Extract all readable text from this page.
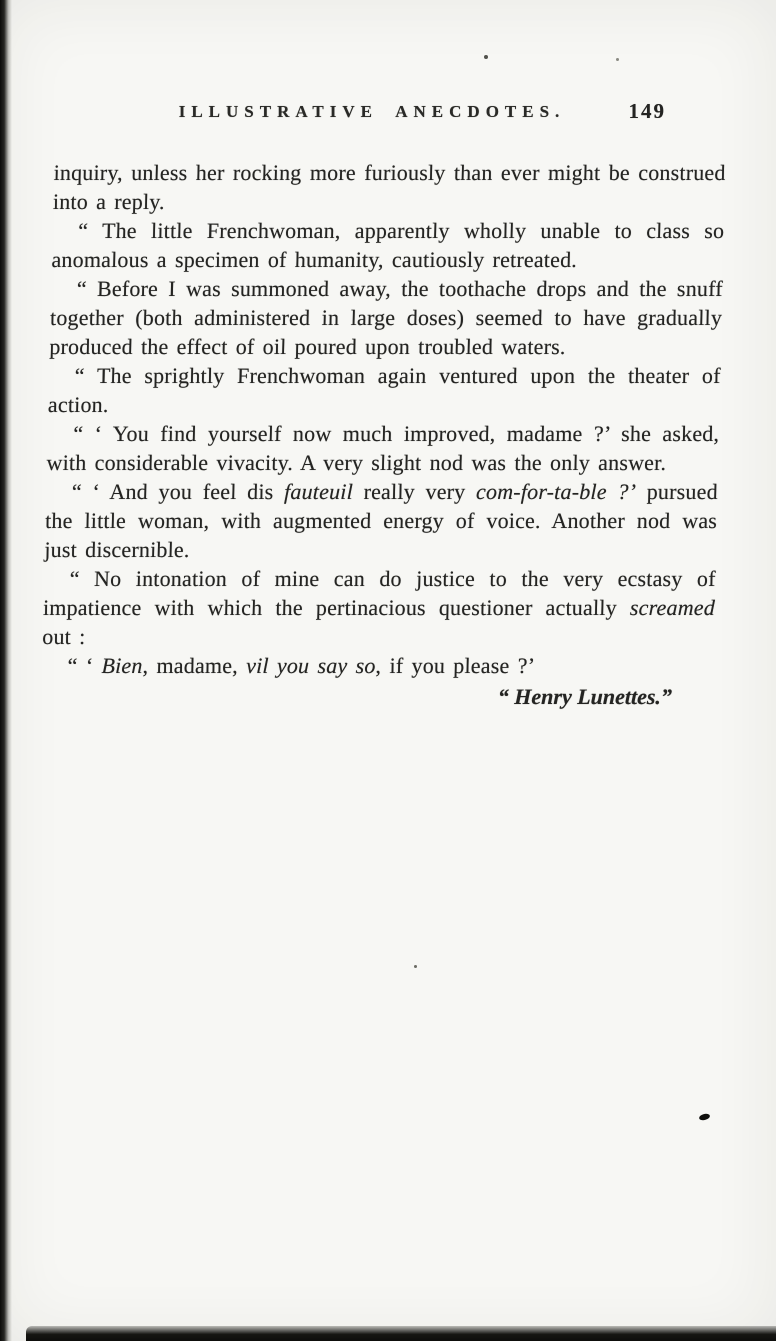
ILLUSTRATIVE ANECDOTES.	149

inquiry, unless her rocking more furiously than ever might be construed into a reply.

“ The little Frenchwoman, apparently wholly unable to class so anomalous a specimen of humanity, cautiously retreated.

“ Before I was summoned away, the toothache drops and the snuff together (both administered in large doses) seemed to have gradually produced the effect of oil poured upon troubled waters.

“ The sprightly Frenchwoman again ventured upon the theater of action.

“ ‘ You find yourself now much improved, madame ?’ she asked, with considerable vivacity. A very slight nod was the only answer.

“ ‘ And you feel dis fauteuil really very com-for-ta-ble ?’ pursued the little woman, with augmented energy of voice. Another nod was just discernible.

“ No intonation of mine can do justice to the very ecstasy of impatience with which the pertinacious questioner actually screamed out :

“ ‘ Bien, madame, vil you say so, if you please ?’

“ Henry Lunettes.”
